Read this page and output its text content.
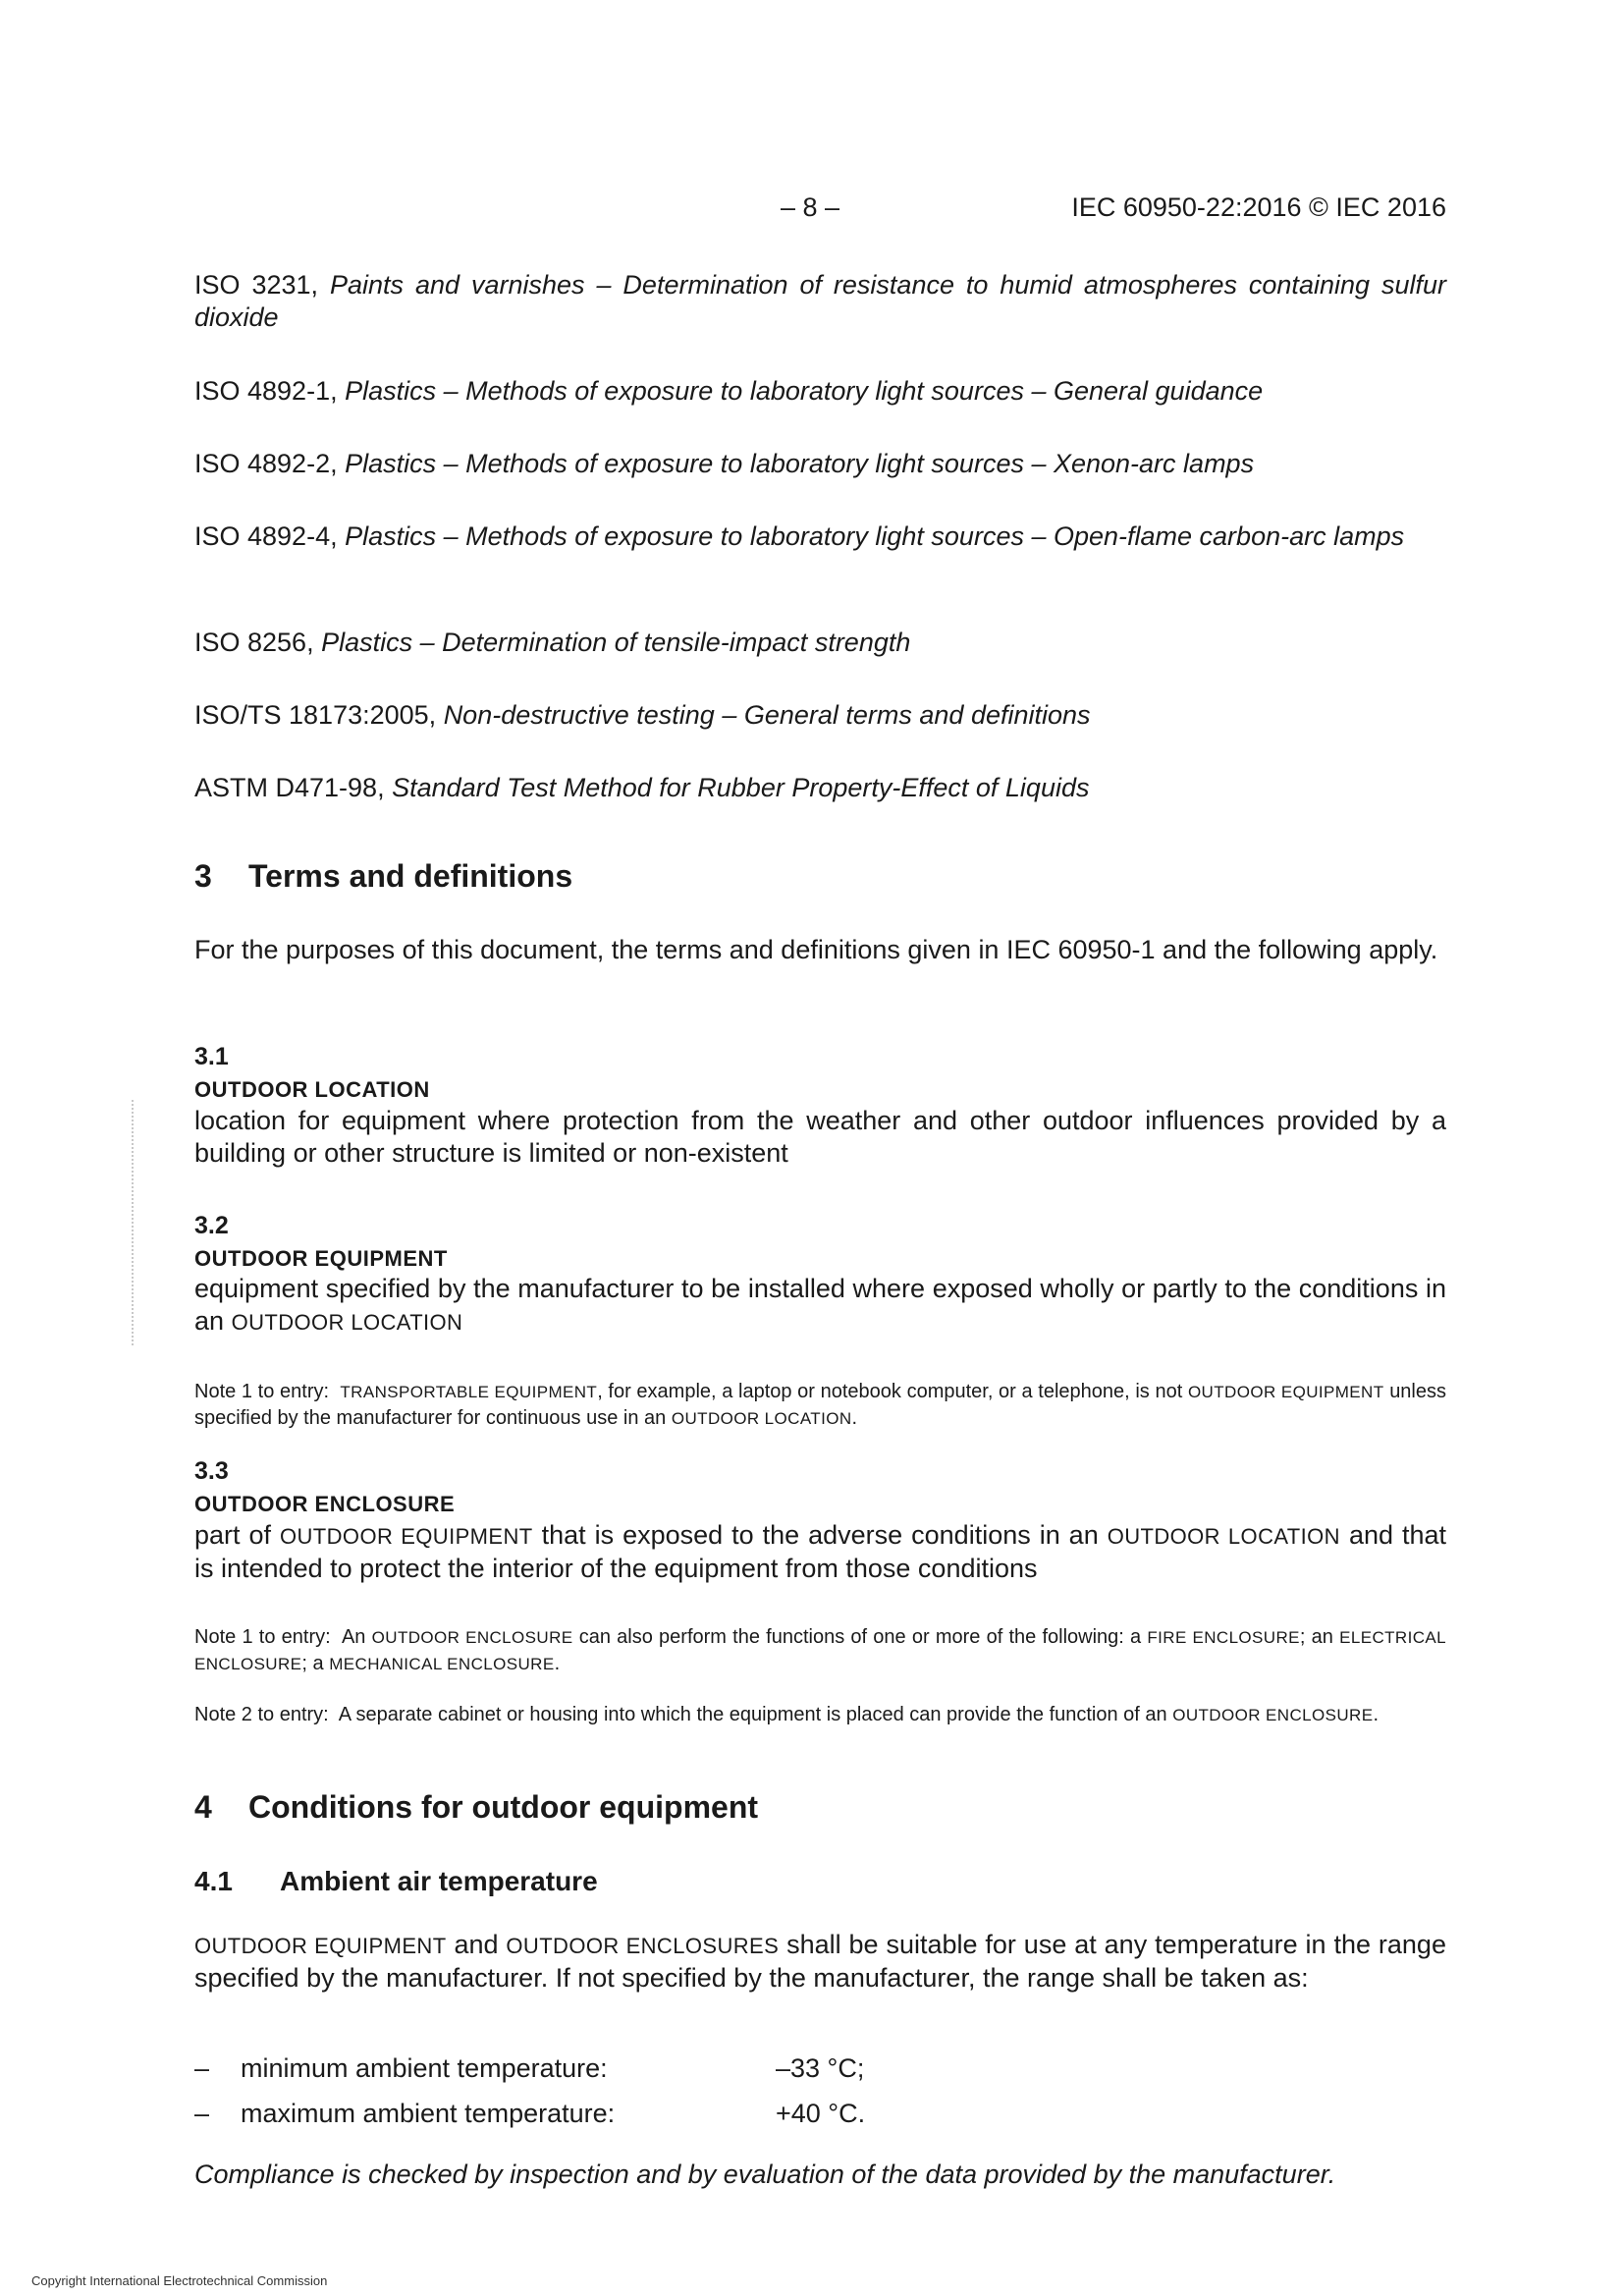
– 8 –	IEC 60950-22:2016 © IEC 2016
ISO 3231, Paints and varnishes – Determination of resistance to humid atmospheres containing sulfur dioxide
ISO 4892-1, Plastics – Methods of exposure to laboratory light sources – General guidance
ISO 4892-2, Plastics – Methods of exposure to laboratory light sources – Xenon-arc lamps
ISO 4892-4, Plastics – Methods of exposure to laboratory light sources – Open-flame carbon-arc lamps
ISO 8256, Plastics – Determination of tensile-impact strength
ISO/TS 18173:2005, Non-destructive testing – General terms and definitions
ASTM D471-98, Standard Test Method for Rubber Property-Effect of Liquids
3 Terms and definitions
For the purposes of this document, the terms and definitions given in IEC 60950-1 and the following apply.
3.1
OUTDOOR LOCATION
location for equipment where protection from the weather and other outdoor influences provided by a building or other structure is limited or non-existent
3.2
OUTDOOR EQUIPMENT
equipment specified by the manufacturer to be installed where exposed wholly or partly to the conditions in an OUTDOOR LOCATION
Note 1 to entry: TRANSPORTABLE EQUIPMENT, for example, a laptop or notebook computer, or a telephone, is not OUTDOOR EQUIPMENT unless specified by the manufacturer for continuous use in an OUTDOOR LOCATION.
3.3
OUTDOOR ENCLOSURE
part of OUTDOOR EQUIPMENT that is exposed to the adverse conditions in an OUTDOOR LOCATION and that is intended to protect the interior of the equipment from those conditions
Note 1 to entry: An OUTDOOR ENCLOSURE can also perform the functions of one or more of the following: a FIRE ENCLOSURE; an ELECTRICAL ENCLOSURE; a MECHANICAL ENCLOSURE.
Note 2 to entry: A separate cabinet or housing into which the equipment is placed can provide the function of an OUTDOOR ENCLOSURE.
4 Conditions for outdoor equipment
4.1 Ambient air temperature
OUTDOOR EQUIPMENT and OUTDOOR ENCLOSURES shall be suitable for use at any temperature in the range specified by the manufacturer. If not specified by the manufacturer, the range shall be taken as:
– minimum ambient temperature:	–33 °C;
– maximum ambient temperature:	+40 °C.
Compliance is checked by inspection and by evaluation of the data provided by the manufacturer.
Copyright International Electrotechnical Commission
